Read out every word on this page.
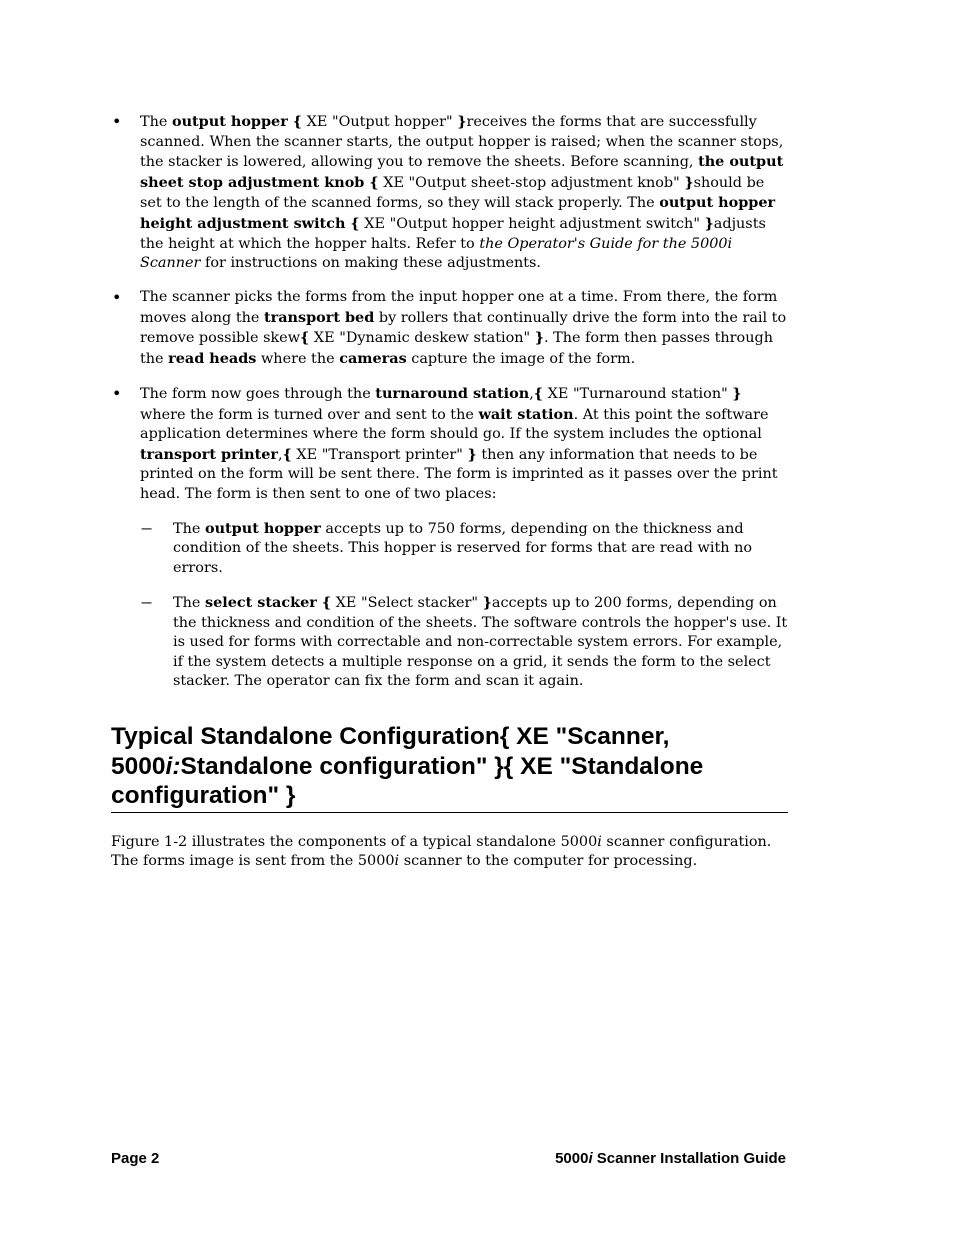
• The output hopper { XE "Output hopper" }receives the forms that are successfully scanned. When the scanner starts, the output hopper is raised; when the scanner stops, the stacker is lowered, allowing you to remove the sheets. Before scanning, the output sheet stop adjustment knob { XE "Output sheet-stop adjustment knob" }should be set to the length of the scanned forms, so they will stack properly. The output hopper height adjustment switch { XE "Output hopper height adjustment switch" }adjusts the height at which the hopper halts. Refer to the Operator's Guide for the 5000i Scanner for instructions on making these adjustments.

• The scanner picks the forms from the input hopper one at a time. From there, the form moves along the transport bed by rollers that continually drive the form into the rail to remove possible skew{ XE "Dynamic deskew station" }. The form then passes through the read heads where the cameras capture the image of the form.

• The form now goes through the turnaround station,{ XE "Turnaround station" } where the form is turned over and sent to the wait station. At this point the software application determines where the form should go. If the system includes the optional transport printer,{ XE "Transport printer" } then any information that needs to be printed on the form will be sent there. The form is imprinted as it passes over the print head. The form is then sent to one of two places:

− The output hopper accepts up to 750 forms, depending on the thickness and condition of the sheets. This hopper is reserved for forms that are read with no errors.

− The select stacker { XE "Select stacker" }accepts up to 200 forms, depending on the thickness and condition of the sheets. The software controls the hopper's use. It is used for forms with correctable and non-correctable system errors. For example, if the system detects a multiple response on a grid, it sends the form to the select stacker. The operator can fix the form and scan it again.

Typical Standalone Configuration{ XE "Scanner, 5000i:Standalone configuration" }{ XE "Standalone configuration" }

Figure 1-2 illustrates the components of a typical standalone 5000i scanner configuration. The forms image is sent from the 5000i scanner to the computer for processing.

Page 2	5000i Scanner Installation Guide
